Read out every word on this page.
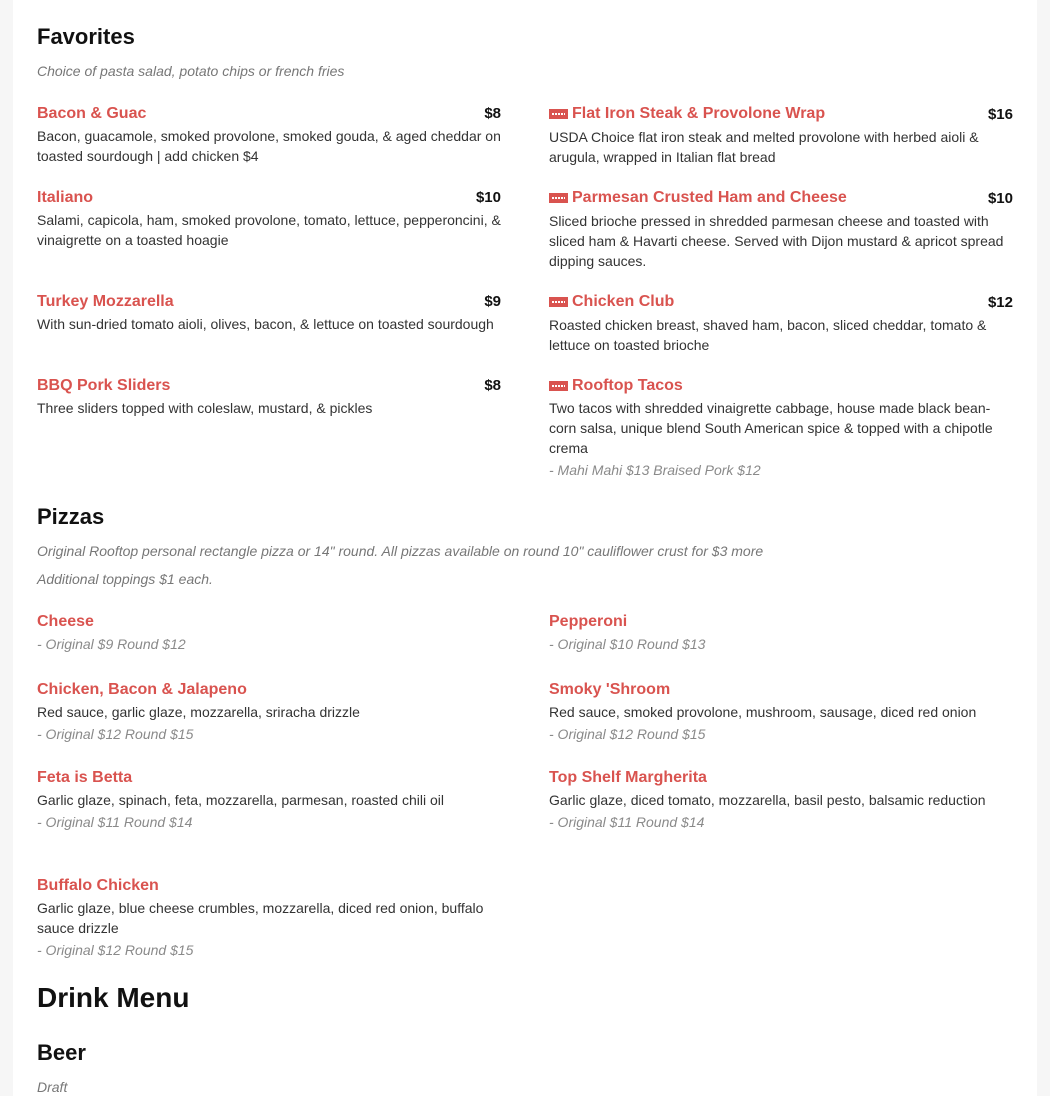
Favorites
Choice of pasta salad, potato chips or french fries
Bacon & Guac	$8
Bacon, guacamole, smoked provolone, smoked gouda, & aged cheddar on toasted sourdough | add chicken $4
Flat Iron Steak & Provolone Wrap	$16
USDA Choice flat iron steak and melted provolone with herbed aioli & arugula, wrapped in Italian flat bread
Italiano	$10
Salami, capicola, ham, smoked provolone, tomato, lettuce, pepperoncini, & vinaigrette on a toasted hoagie
Parmesan Crusted Ham and Cheese	$10
Sliced brioche pressed in shredded parmesan cheese and toasted with sliced ham & Havarti cheese. Served with Dijon mustard & apricot spread dipping sauces.
Turkey Mozzarella	$9
With sun-dried tomato aioli, olives, bacon, & lettuce on toasted sourdough
Chicken Club	$12
Roasted chicken breast, shaved ham, bacon, sliced cheddar, tomato & lettuce on toasted brioche
BBQ Pork Sliders	$8
Three sliders topped with coleslaw, mustard, & pickles
Rooftop Tacos
Two tacos with shredded vinaigrette cabbage, house made black bean-corn salsa, unique blend South American spice & topped with a chipotle crema
- Mahi Mahi $13 Braised Pork $12
Pizzas
Original Rooftop personal rectangle pizza or 14" round. All pizzas available on round 10" cauliflower crust for $3 more
Additional toppings $1 each.
Cheese
- Original $9 Round $12
Pepperoni
- Original $10 Round $13
Chicken, Bacon & Jalapeno
Red sauce, garlic glaze, mozzarella, sriracha drizzle
- Original $12 Round $15
Smoky 'Shroom
Red sauce, smoked provolone, mushroom, sausage, diced red onion
- Original $12 Round $15
Feta is Betta
Garlic glaze, spinach, feta, mozzarella, parmesan, roasted chili oil
- Original $11 Round $14
Top Shelf Margherita
Garlic glaze, diced tomato, mozzarella, basil pesto, balsamic reduction
- Original $11 Round $14
Buffalo Chicken
Garlic glaze, blue cheese crumbles, mozzarella, diced red onion, buffalo sauce drizzle
- Original $12 Round $15
Drink Menu
Beer
Draft
